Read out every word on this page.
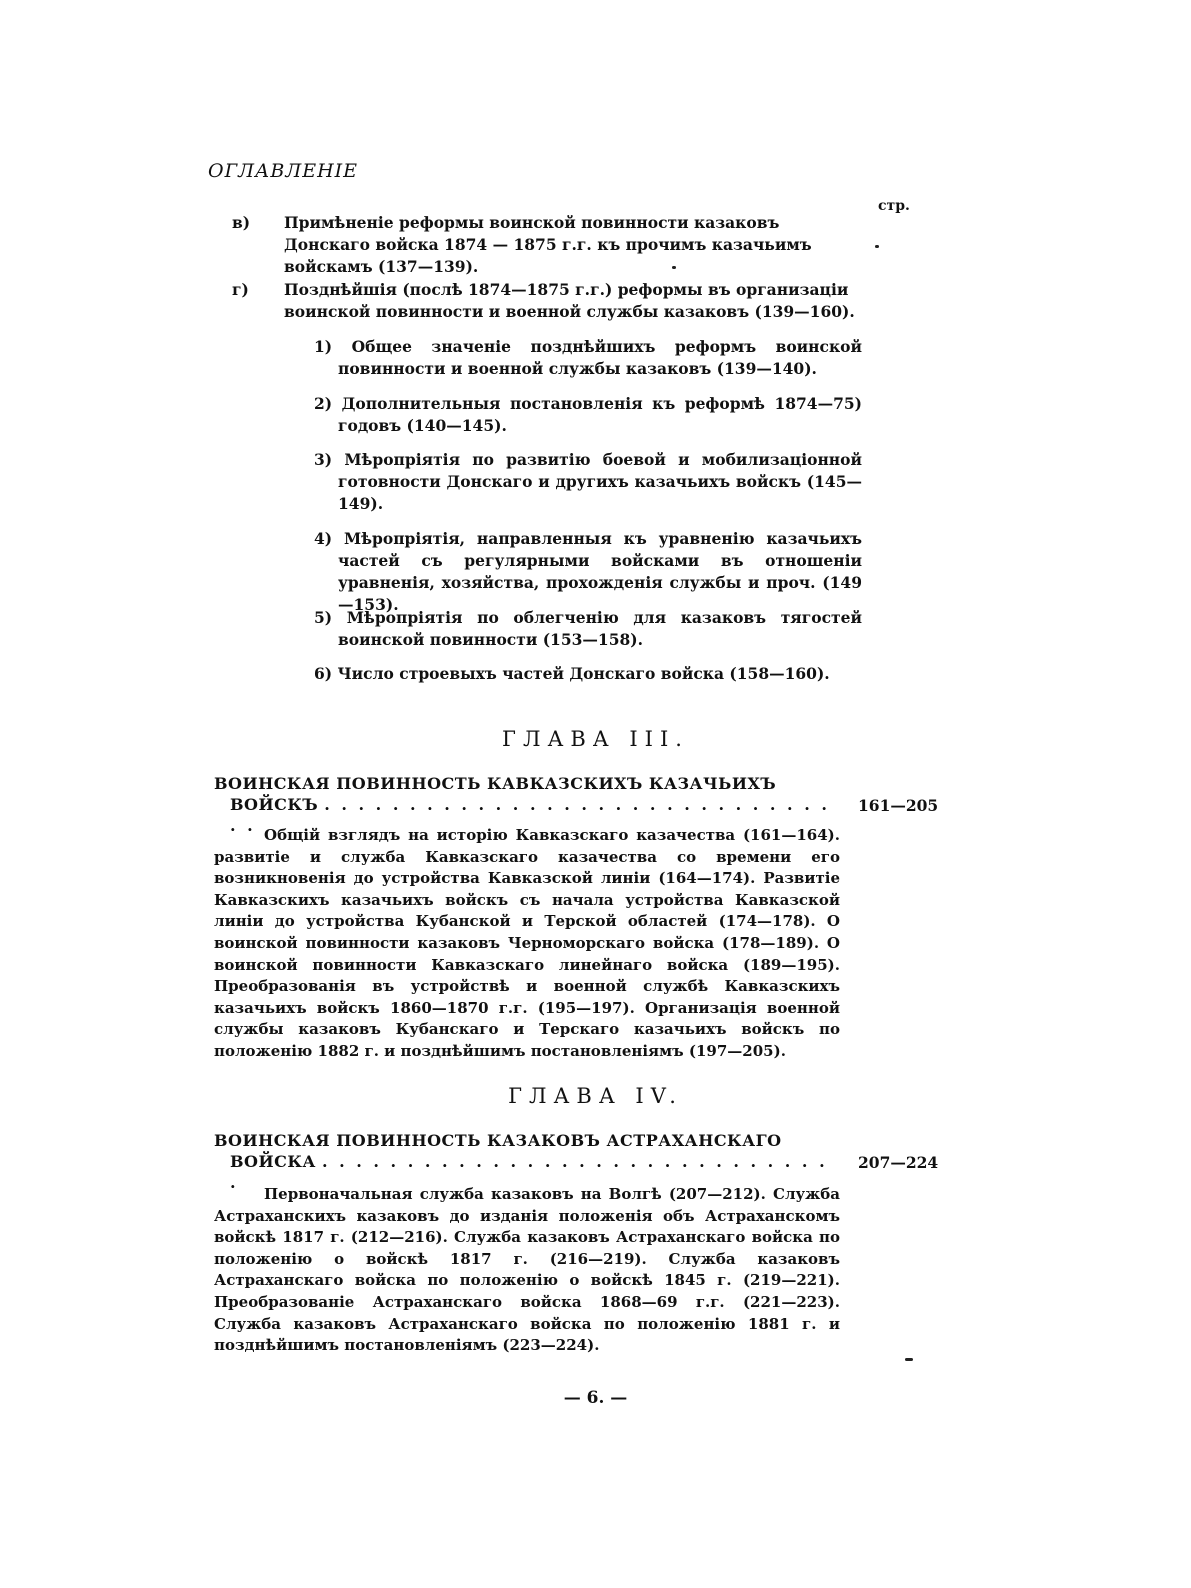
ОГЛАВЛЕНІЕ
стр.
в) Примѣненіе реформы воинской повинности казаковъ Донскаго войска 1874 — 1875 г.г. къ прочимъ казачьимъ войскамъ (137—139).
г) Позднѣйшія (послѣ 1874—1875 г.г.) реформы въ организаціи воинской повинности и военной службы казаковъ (139—160).
1) Общее значеніе позднѣйшихъ реформъ воинской повинности и военной службы казаковъ (139—140).
2) Дополнительныя постановленія къ реформѣ 1874—75) годовъ (140—145).
3) Мѣропріятія по развитію боевой и мобилизаціонной готовности Донскаго и другихъ казачьихъ войскъ (145—149).
4) Мѣропріятія, направленныя къ уравненію казачьихъ частей съ регулярными войсками въ отношеніи уравненія, хозяйства, прохожденія службы и проч. (149—153).
5) Мѣропріятія по облегченію для казаковъ тягостей воинской повинности (153—158).
6) Число строевыхъ частей Донскаго войска (158—160).
ГЛАВА III.
ВОИНСКАЯ ПОВИННОСТЬ КАВКАЗСКИХЪ КАЗАЧЬИХЪ
ВОЙСКЪ . . . . . . . . . . . . . . . . . . . . . . . . . . . . . . . .
161—205
Общій взглядъ на исторію Кавказскаго казачества (161—164). развитіе и служба Кавказскаго казачества со времени его возникновенія до устройства Кавказской линіи (164—174). Развитіе Кавказскихъ казачьихъ войскъ съ начала устройства Кавказской линіи до устройства Кубанской и Терской областей (174—178). О воинской повинности казаковъ Черноморскаго войска (178—189). О воинской повинности Кавказскаго линейнаго войска (189—195). Преобразованія въ устройствѣ и военной службѣ Кавказскихъ казачьихъ войскъ 1860—1870 г.г. (195—197). Организація военной службы казаковъ Кубанскаго и Терскаго казачьихъ войскъ по положенію 1882 г. и позднѣйшимъ постановленіямъ (197—205).
ГЛАВА IV.
ВОИНСКАЯ ПОВИННОСТЬ КАЗАКОВЪ АСТРАХАНСКАГО
ВОЙСКА . . . . . . . . . . . . . . . . . . . . . . . . . . . . . . .
207—224
Первоначальная служба казаковъ на Волгѣ (207—212). Служба Астраханскихъ казаковъ до изданія положенія объ Астраханскомъ войскѣ 1817 г. (212—216). Служба казаковъ Астраханскаго войска по положенію о войскѣ 1817 г. (216—219). Служба казаковъ Астраханскаго войска по положенію о войскѣ 1845 г. (219—221). Преобразованіе Астраханскаго войска 1868—69 г.г. (221—223). Служба казаковъ Астраханскаго войска по положенію 1881 г. и позднѣйшимъ постановленіямъ (223—224).
— 6. —
